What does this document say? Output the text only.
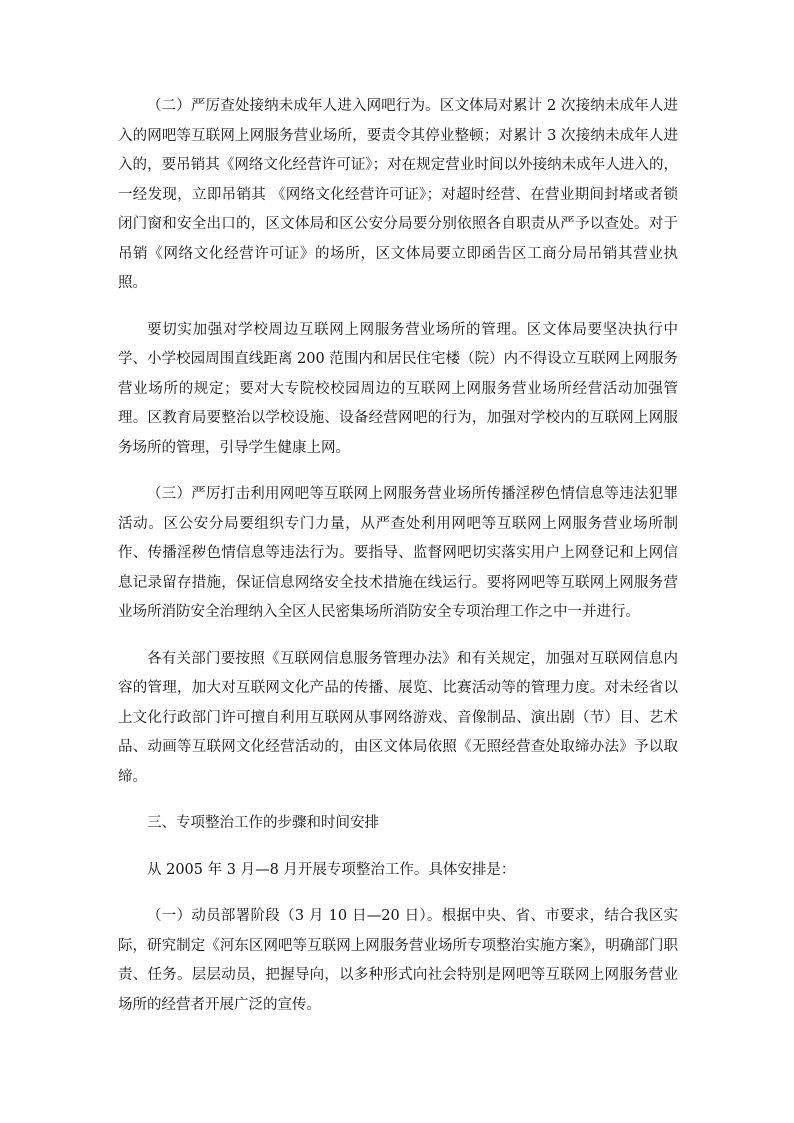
（二）严厉查处接纳未成年人进入网吧行为。区文体局对累计 2 次接纳未成年人进入的网吧等互联网上网服务营业场所，要责令其停业整顿；对累计 3 次接纳未成年人进入的，要吊销其《网络文化经营许可证》；对在规定营业时间以外接纳未成年人进入的，一经发现，立即吊销其 《网络文化经营许可证》；对超时经营、在营业期间封堵或者锁闭门窗和安全出口的，区文体局和区公安分局要分别依照各自职责从严予以查处。对于吊销《网络文化经营许可证》的场所，区文体局要立即函告区工商分局吊销其营业执照。

要切实加强对学校周边互联网上网服务营业场所的管理。区文体局要坚决执行中学、小学校园周围直线距离 200 范围内和居民住宅楼（院）内不得设立互联网上网服务营业场所的规定；要对大专院校校园周边的互联网上网服务营业场所经营活动加强管理。区教育局要整治以学校设施、设备经营网吧的行为，加强对学校内的互联网上网服务场所的管理，引导学生健康上网。

（三）严厉打击利用网吧等互联网上网服务营业场所传播淫秽色情信息等违法犯罪活动。区公安分局要组织专门力量，从严查处利用网吧等互联网上网服务营业场所制作、传播淫秽色情信息等违法行为。要指导、监督网吧切实落实用户上网登记和上网信息记录留存措施，保证信息网络安全技术措施在线运行。要将网吧等互联网上网服务营业场所消防安全治理纳入全区人民密集场所消防安全专项治理工作之中一并进行。

各有关部门要按照《互联网信息服务管理办法》和有关规定，加强对互联网信息内容的管理，加大对互联网文化产品的传播、展览、比赛活动等的管理力度。对未经省以上文化行政部门许可擅自利用互联网从事网络游戏、音像制品、演出剧（节）目、艺术品、动画等互联网文化经营活动的，由区文体局依照《无照经营查处取缔办法》予以取缔。

三、专项整治工作的步骤和时间安排

从 2005 年 3 月—8 月开展专项整治工作。具体安排是：

（一）动员部署阶段（3 月 10 日—20 日）。根据中央、省、市要求，结合我区实际，研究制定《河东区网吧等互联网上网服务营业场所专项整治实施方案》，明确部门职责、任务。层层动员，把握导向，以多种形式向社会特别是网吧等互联网上网服务营业场所的经营者开展广泛的宣传。
